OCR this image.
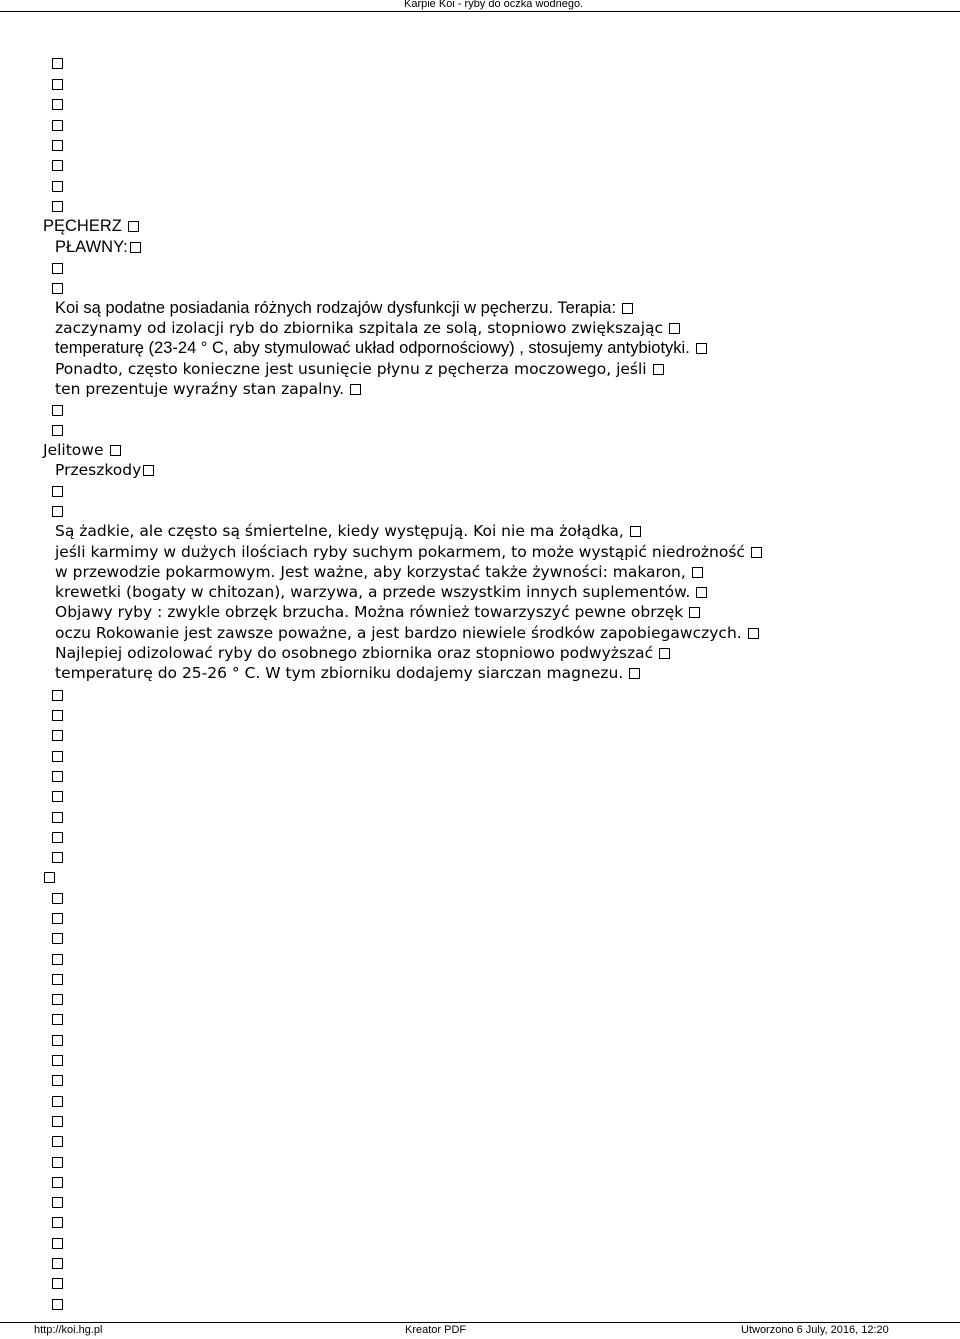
Karpie Koi - ryby do oczka wodnego.
PĘCHERZ
PŁAWNY:
Koi są podatne posiadania różnych rodzajów dysfunkcji w pęcherzu. Terapia:
zaczynamy od izolacji ryb do zbiornika szpitala ze solą, stopniowo zwiększając
temperaturę (23-24 ° C, aby stymulować układ odpornościowy) , stosujemy antybiotyki.
Ponadto, często konieczne jest usunięcie płynu z pęcherza moczowego, jeśli
ten prezentuje wyraźny stan zapalny.
Jelitowe
Przeszkody
Są żadkie, ale często są śmiertelne, kiedy występują. Koi nie ma żołądka,
jeśli karmimy w dużych ilościach ryby suchym pokarmem, to może wystąpić niedrożność
w przewodzie pokarmowym. Jest ważne, aby korzystać także żywności: makaron,
krewetki (bogaty w chitozan), warzywa, a przede wszystkim innych suplementów.
Objawy ryby : zwykle obrzęk brzucha. Można również towarzyszyć pewne obrzęk
oczu Rokowanie jest zawsze poważne, a jest bardzo niewiele środków zapobiegawczych.
Najlepiej odizolować ryby do osobnego zbiornika oraz stopniowo podwyższać
temperaturę do 25-26 ° C. W tym zbiorniku dodajemy siarczan magnezu.
http://koi.hg.pl	Kreator PDF	Utworzono 6 July, 2016, 12:20
